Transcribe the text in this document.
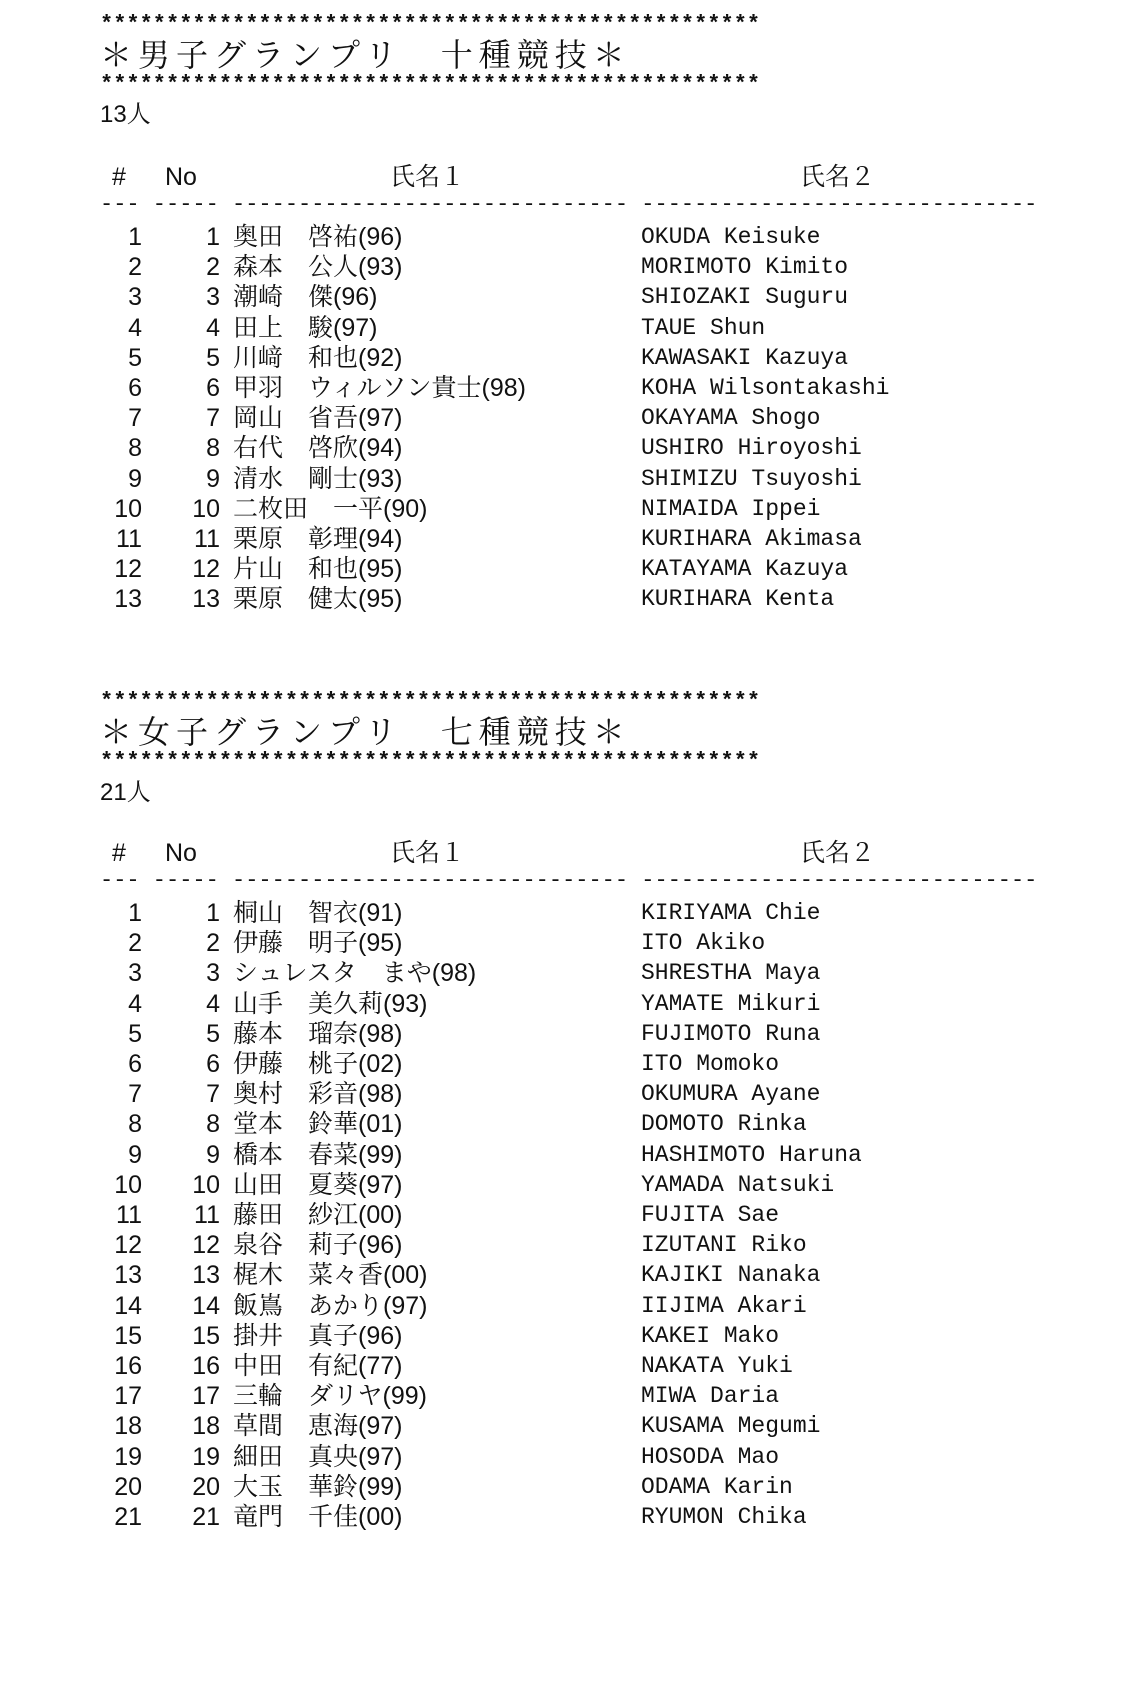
**************************************************
＊男子グランプリ　十種競技＊
**************************************************
13人
# No	氏名１	氏名２
--- ----- ------------------------------ ------------------------------
1	1 奥田　啓祐(96)	OKUDA Keisuke
2	2 森本　公人(93)	MORIMOTO Kimito
3	3 潮崎　傑(96)	SHIOZAKI Suguru
4	4 田上　駿(97)	TAUE Shun
5	5 川﨑　和也(92)	KAWASAKI Kazuya
6	6 甲羽　ウィルソン貴士(98)	KOHA Wilsontakashi
7	7 岡山　省吾(97)	OKAYAMA Shogo
8	8 右代　啓欣(94)	USHIRO Hiroyoshi
9	9 清水　剛士(93)	SHIMIZU Tsuyoshi
10	10 二枚田　一平(90)	NIMAIDA Ippei
11	11 栗原　彰理(94)	KURIHARA Akimasa
12	12 片山　和也(95)	KATAYAMA Kazuya
13	13 栗原　健太(95)	KURIHARA Kenta
**************************************************
＊女子グランプリ　七種競技＊
**************************************************
21人
# No	氏名１	氏名２
--- ----- ------------------------------ ------------------------------
1	1 桐山　智衣(91)	KIRIYAMA Chie
2	2 伊藤　明子(95)	ITO Akiko
3	3 シュレスタ　まや(98)	SHRESTHA Maya
4	4 山手　美久莉(93)	YAMATE Mikuri
5	5 藤本　瑠奈(98)	FUJIMOTO Runa
6	6 伊藤　桃子(02)	ITO Momoko
7	7 奥村　彩音(98)	OKUMURA Ayane
8	8 堂本　鈴華(01)	DOMOTO Rinka
9	9 橋本　春菜(99)	HASHIMOTO Haruna
10	10 山田　夏葵(97)	YAMADA Natsuki
11	11 藤田　紗江(00)	FUJITA Sae
12	12 泉谷　莉子(96)	IZUTANI Riko
13	13 梶木　菜々香(00)	KAJIKI Nanaka
14	14 飯嶌　あかり(97)	IIJIMA Akari
15	15 掛井　真子(96)	KAKEI Mako
16	16 中田　有紀(77)	NAKATA Yuki
17	17 三輪　ダリヤ(99)	MIWA Daria
18	18 草間　恵海(97)	KUSAMA Megumi
19	19 細田　真央(97)	HOSODA Mao
20	20 大玉　華鈴(99)	ODAMA Karin
21	21 竜門　千佳(00)	RYUMON Chika
